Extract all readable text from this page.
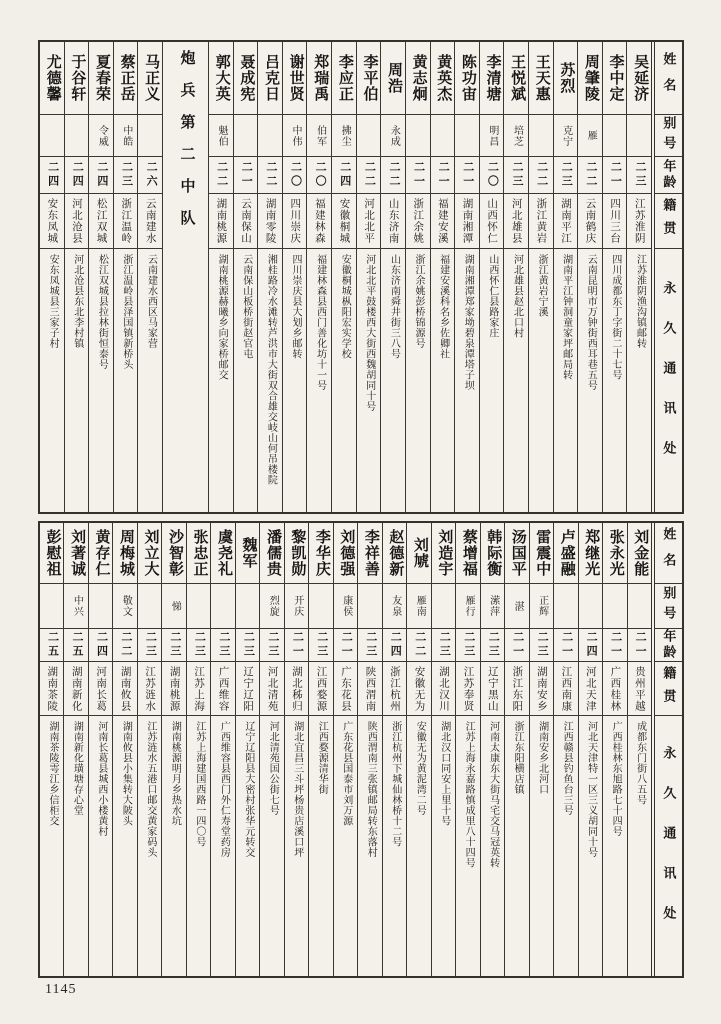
姓名
别号
年龄
籍贯
永久通讯处
吴延济
二三
江苏淮阴
江苏淮阴渔沟镇邮转
李中定
二一
四川三台
四川成都东丁字街二十七号
周肇陵
雁
二二
云南鹤庆
云南昆明市万钟街西耳巷五号
苏烈
克宁
二三
湖南平江
湖南平江钟洞童家坪邮局转
王天惠
二二
浙江黄岩
浙江黄岩宁溪
王悦斌
培芝
二三
河北雄县
河北雄县赵北口村
李清塘
明昌
二〇
山西怀仁
山西怀仁县路家庄
陈功宙
二一
湖南湘潭
湖南湘潭郑家坳碧泉潭塔子坝
黄英杰
二一
福建安溪
福建安溪科名乡佐卿社
黄志炯
二一
浙江余姚
浙江余姚彭桥锦源号
周浩
永成
二二
山东济南
山东济南舜井街三八号
李平伯
二二
河北北平
河北北平鼓楼西大街西魏胡同十号
李应正
拂尘
二四
安徽桐城
安徽桐城枞阳宏实学校
郑瑞禹
伯军
二〇
福建林森
福建林森县西门善化坊十一号
谢世贤
中伟
二〇
四川崇庆
四川崇庆县大划乡邮转
吕克日
二二
湖南零陵
湘桂路冷水滩转芦洪市大街双合雄交岐山何吊楼院
聂成宪
二一
云南保山
云南保山板桥街赵官屯
郭大英
魁伯
二二
湖南桃源
湖南桃源赫曦乡向家桥邮交
炮兵第二中队
马正义
二六
云南建水
云南建水西区马家营
蔡正岳
中皓
二三
浙江温岭
浙江温岭县泽国镇新桥头
夏春荣
令威
二四
松江双城
松江双城县拉林街恒泰号
于谷轩
二四
河北沧县
河北沧县东北李村镇
尤德馨
二四
安东凤城
安东凤城县三家子村
姓名
别号
年龄
籍贯
永久通讯处
刘金能
二一
贵州平越
成都东门街八五号
张永光
二一
广西桂林
广西桂林东旭路七十四号
郑继光
二四
河北天津
河北天津特一区三义胡同十号
卢盛融
二一
江西南康
江西赣县钓鱼台三号
雷震中
正辉
二三
湖南安乡
湖南安乡北河口
汤国平
湛
二一
浙江东阳
浙江东阳横店镇
韩际衡
潆萍
二三
辽宁黑山
河南太康东大街马宅交马冠英转
蔡增福
雁行
二三
江苏奉贤
江苏上海永嘉路慎成里八十四号
刘造宇
二三
湖北汉川
湖北汉口同安上里十号
刘虓
雁南
二二
安徽无为
安徽无为黄泥湾二号
赵德新
友泉
二四
浙江杭州
浙江杭州下城仙林桥十二号
李祥善
二三
陕西渭南
陕西渭南三张镇邮局转东落村
刘德强
康侯
二一
广东花县
广东花县国泰市刘万源
李华庆
二三
江西婺源
江西婺源清华街
黎凯勋
开庆
二一
湖北秭归
湖北宜昌三斗坪杨贵店溪口坪
潘儒贵
烈旋
二三
河北清苑
河北清苑国公街七号
魏军
二三
辽宁辽阳
辽宁辽阳县大密村张华元转交
虞尧礼
二三
广西维容
广西维容县西门外仁寿堂药房
张忠正
二三
江苏上海
江苏上海建国西路一四〇号
沙智彰
悌
二三
湖南桃源
湖南桃源明月乡热水坑
刘立大
二三
江苏涟水
江苏涟水五港口邮交黄家码头
周梅城
敬文
二二
湖南攸县
湖南攸县小集转大陂头
黄存仁
二四
河南长葛
河南长葛县城西小楼黄村
刘著诚
中兴
二五
湖南新化
湖南新化璜塘存心堂
彭慰祖
二五
湖南茶陵
湖南茶陵雩江乡信柜交
1145
